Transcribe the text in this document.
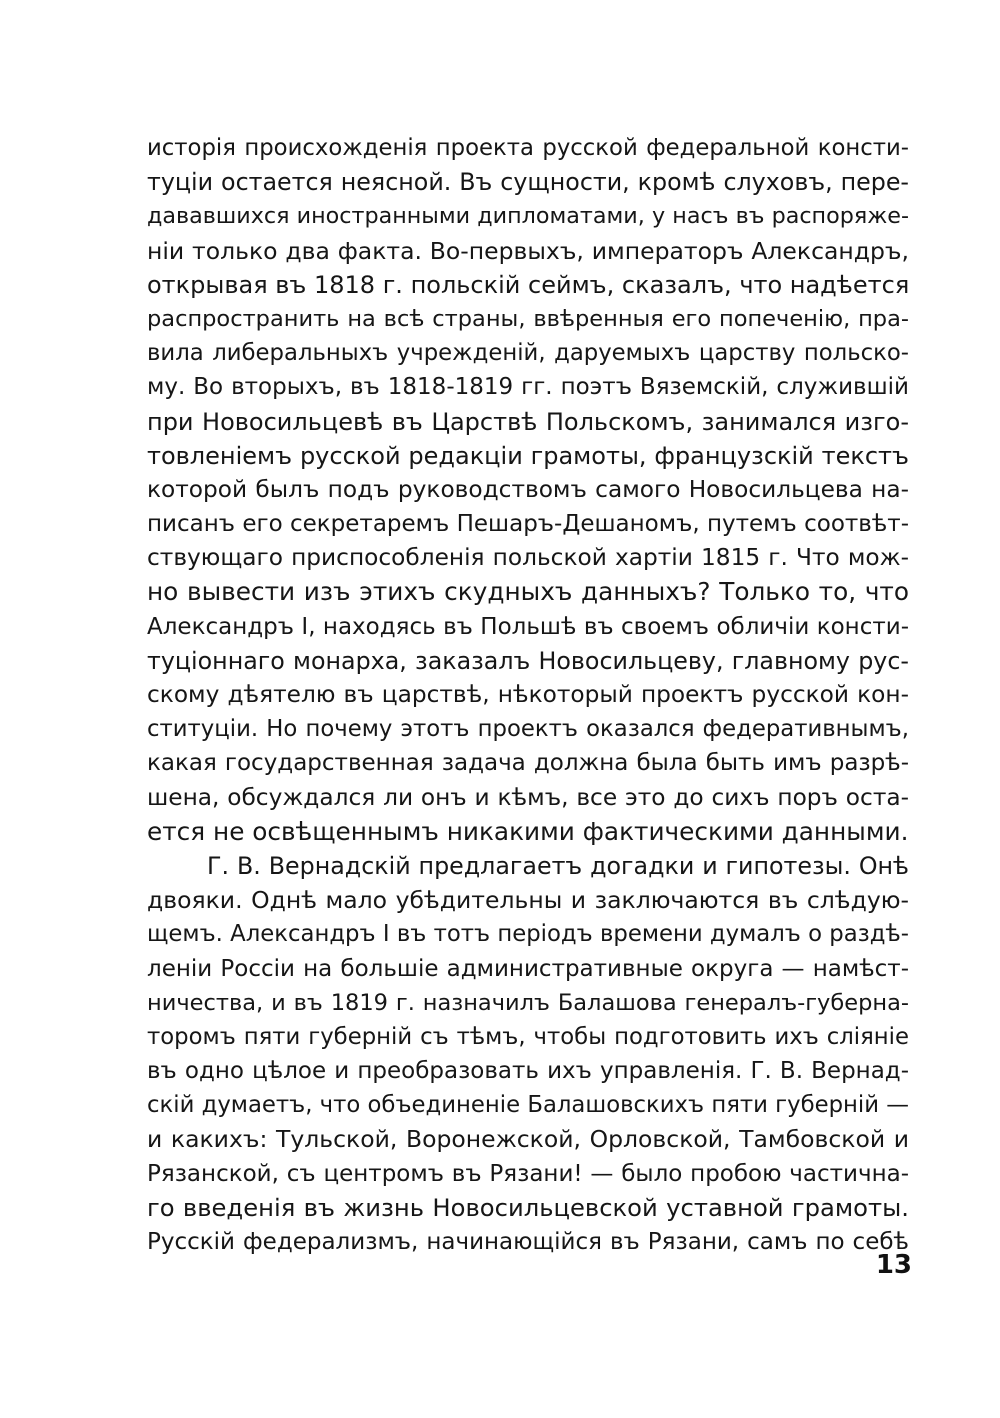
исторія происхожденія проекта русской федеральной консти-
туціи остается неясной. Въ сущности, кромѣ слуховъ, пере-
дававшихся иностранными дипломатами, у насъ въ распоряже-
ніи только два факта. Во-первыхъ, императоръ Александръ,
открывая въ 1818 г. польскій сеймъ, сказалъ, что надѣется
распространить на всѣ страны, ввѣренныя его попеченію, пра-
вила либеральныхъ учрежденій, даруемыхъ царству польско-
му. Во вторыхъ, въ 1818-1819 гг. поэтъ Вяземскій, служившій
при Новосильцевѣ въ Царствѣ Польскомъ, занимался изго-
товленіемъ русской редакціи грамоты, французскій текстъ
которой былъ подъ руководствомъ самого Новосильцева на-
писанъ его секретаремъ Пешаръ-Дешаномъ, путемъ соотвѣт-
ствующаго приспособленія польской хартіи 1815 г. Что мож-
но вывести изъ этихъ скудныхъ данныхъ? Только то, что
Александръ I, находясь въ Польшѣ въ своемъ обличіи консти-
туціоннаго монарха, заказалъ Новосильцеву, главному рус-
скому дѣятелю въ царствѣ, нѣкоторый проектъ русской кон-
ституціи. Но почему этотъ проектъ оказался федеративнымъ,
какая государственная задача должна была быть имъ разрѣ-
шена, обсуждался ли онъ и кѣмъ, все это до сихъ поръ оста-
ется не освѣщеннымъ никакими фактическими данными.
Г. В. Вернадскій предлагаетъ догадки и гипотезы. Онѣ
двояки. Однѣ мало убѣдительны и заключаются въ слѣдую-
щемъ. Александръ I въ тотъ періодъ времени думалъ о раздѣ-
леніи Россіи на большіе административные округа — намѣст-
ничества, и въ 1819 г. назначилъ Балашова генералъ-губерна-
торомъ пяти губерній съ тѣмъ, чтобы подготовить ихъ сліяніе
въ одно цѣлое и преобразовать ихъ управленія. Г. В. Вернад-
скій думаетъ, что объединеніе Балашовскихъ пяти губерній —
и какихъ: Тульской, Воронежской, Орловской, Тамбовской и
Рязанской, съ центромъ въ Рязани! — было пробою частична-
го введенія въ жизнь Новосильцевской уставной грамоты.
Русскій федерализмъ, начинающійся въ Рязани, самъ по себѣ
13
